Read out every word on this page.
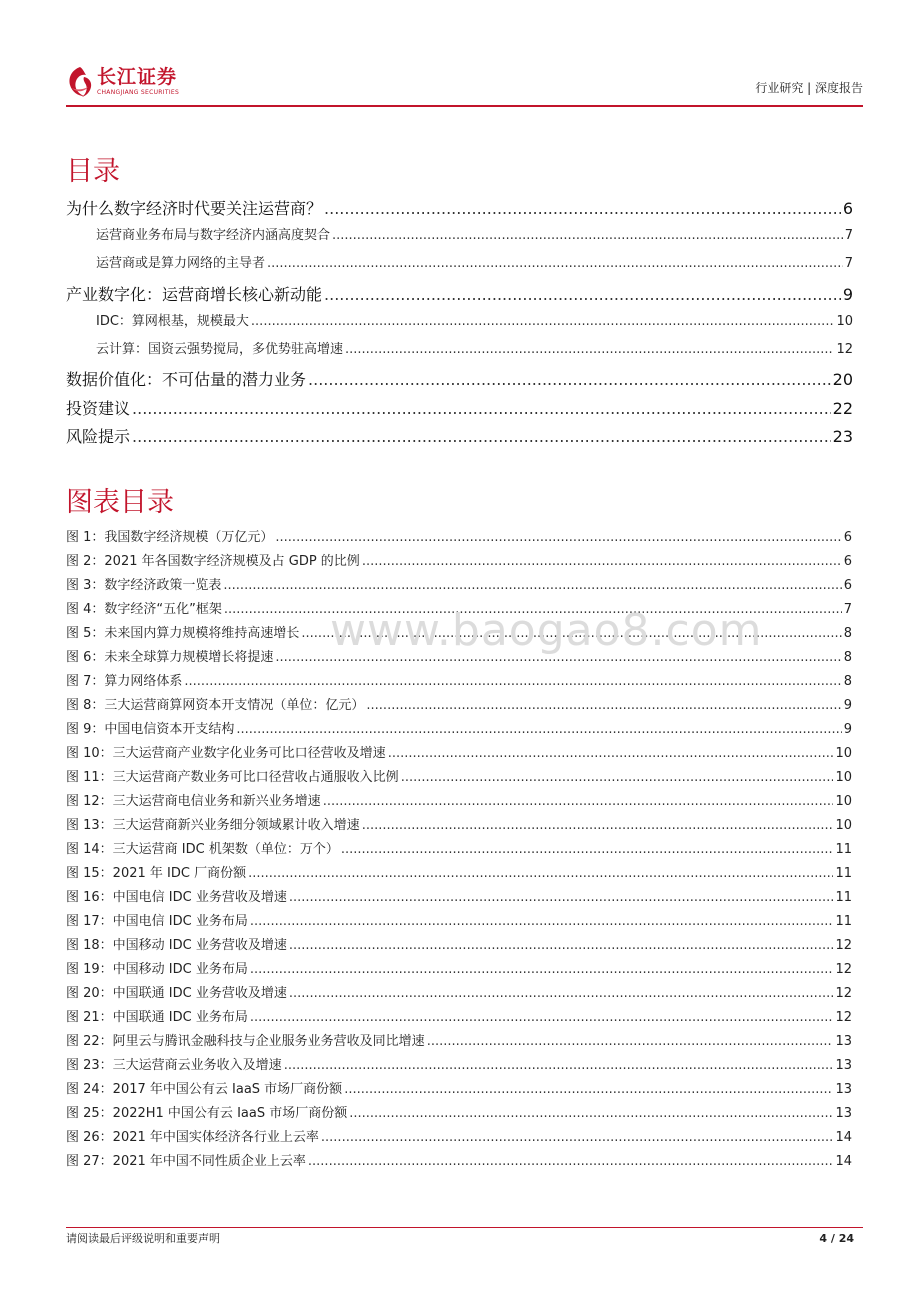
长江证券
CHANGJIANG SECURITIES	行业研究 | 深度报告
目录
为什么数字经济时代要关注运营商？ .....	6
运营商业务布局与数字经济内涵高度契合 .....	7
运营商或是算力网络的主导者 .....	7
产业数字化：运营商增长核心新动能 .....	9
IDC：算网根基，规模最大 .....	10
云计算：国资云强势搅局，多优势驻高增速 .....	12
数据价值化：不可估量的潜力业务 .....	20
投资建议 .....	22
风险提示 .....	23
图表目录
图 1：我国数字经济规模（万亿元） .....	6
图 2：2021 年各国数字经济规模及占 GDP 的比例 .....	6
图 3：数字经济政策一览表 .....	6
图 4：数字经济“五化”框架 .....	7
图 5：未来国内算力规模将维持高速增长 .....	8
图 6：未来全球算力规模增长将提速 .....	8
图 7：算力网络体系 .....	8
图 8：三大运营商算网资本开支情况（单位：亿元） .....	9
图 9：中国电信资本开支结构 .....	9
图 10：三大运营商产业数字化业务可比口径营收及增速 .....	10
图 11：三大运营商产数业务可比口径营收占通服收入比例 .....	10
图 12：三大运营商电信业务和新兴业务增速 .....	10
图 13：三大运营商新兴业务细分领域累计收入增速 .....	10
图 14：三大运营商 IDC 机架数（单位：万个） .....	11
图 15：2021 年 IDC 厂商份额 .....	11
图 16：中国电信 IDC 业务营收及增速 .....	11
图 17：中国电信 IDC 业务布局 .....	11
图 18：中国移动 IDC 业务营收及增速 .....	12
图 19：中国移动 IDC 业务布局 .....	12
图 20：中国联通 IDC 业务营收及增速 .....	12
图 21：中国联通 IDC 业务布局 .....	12
图 22：阿里云与腾讯金融科技与企业服务业务营收及同比增速 .....	13
图 23：三大运营商云业务收入及增速 .....	13
图 24：2017 年中国公有云 IaaS 市场厂商份额 .....	13
图 25：2022H1 中国公有云 IaaS 市场厂商份额 .....	13
图 26：2021 年中国实体经济各行业上云率 .....	14
图 27：2021 年中国不同性质企业上云率 .....	14
www.baogao8.com
请阅读最后评级说明和重要声明	4 / 24
